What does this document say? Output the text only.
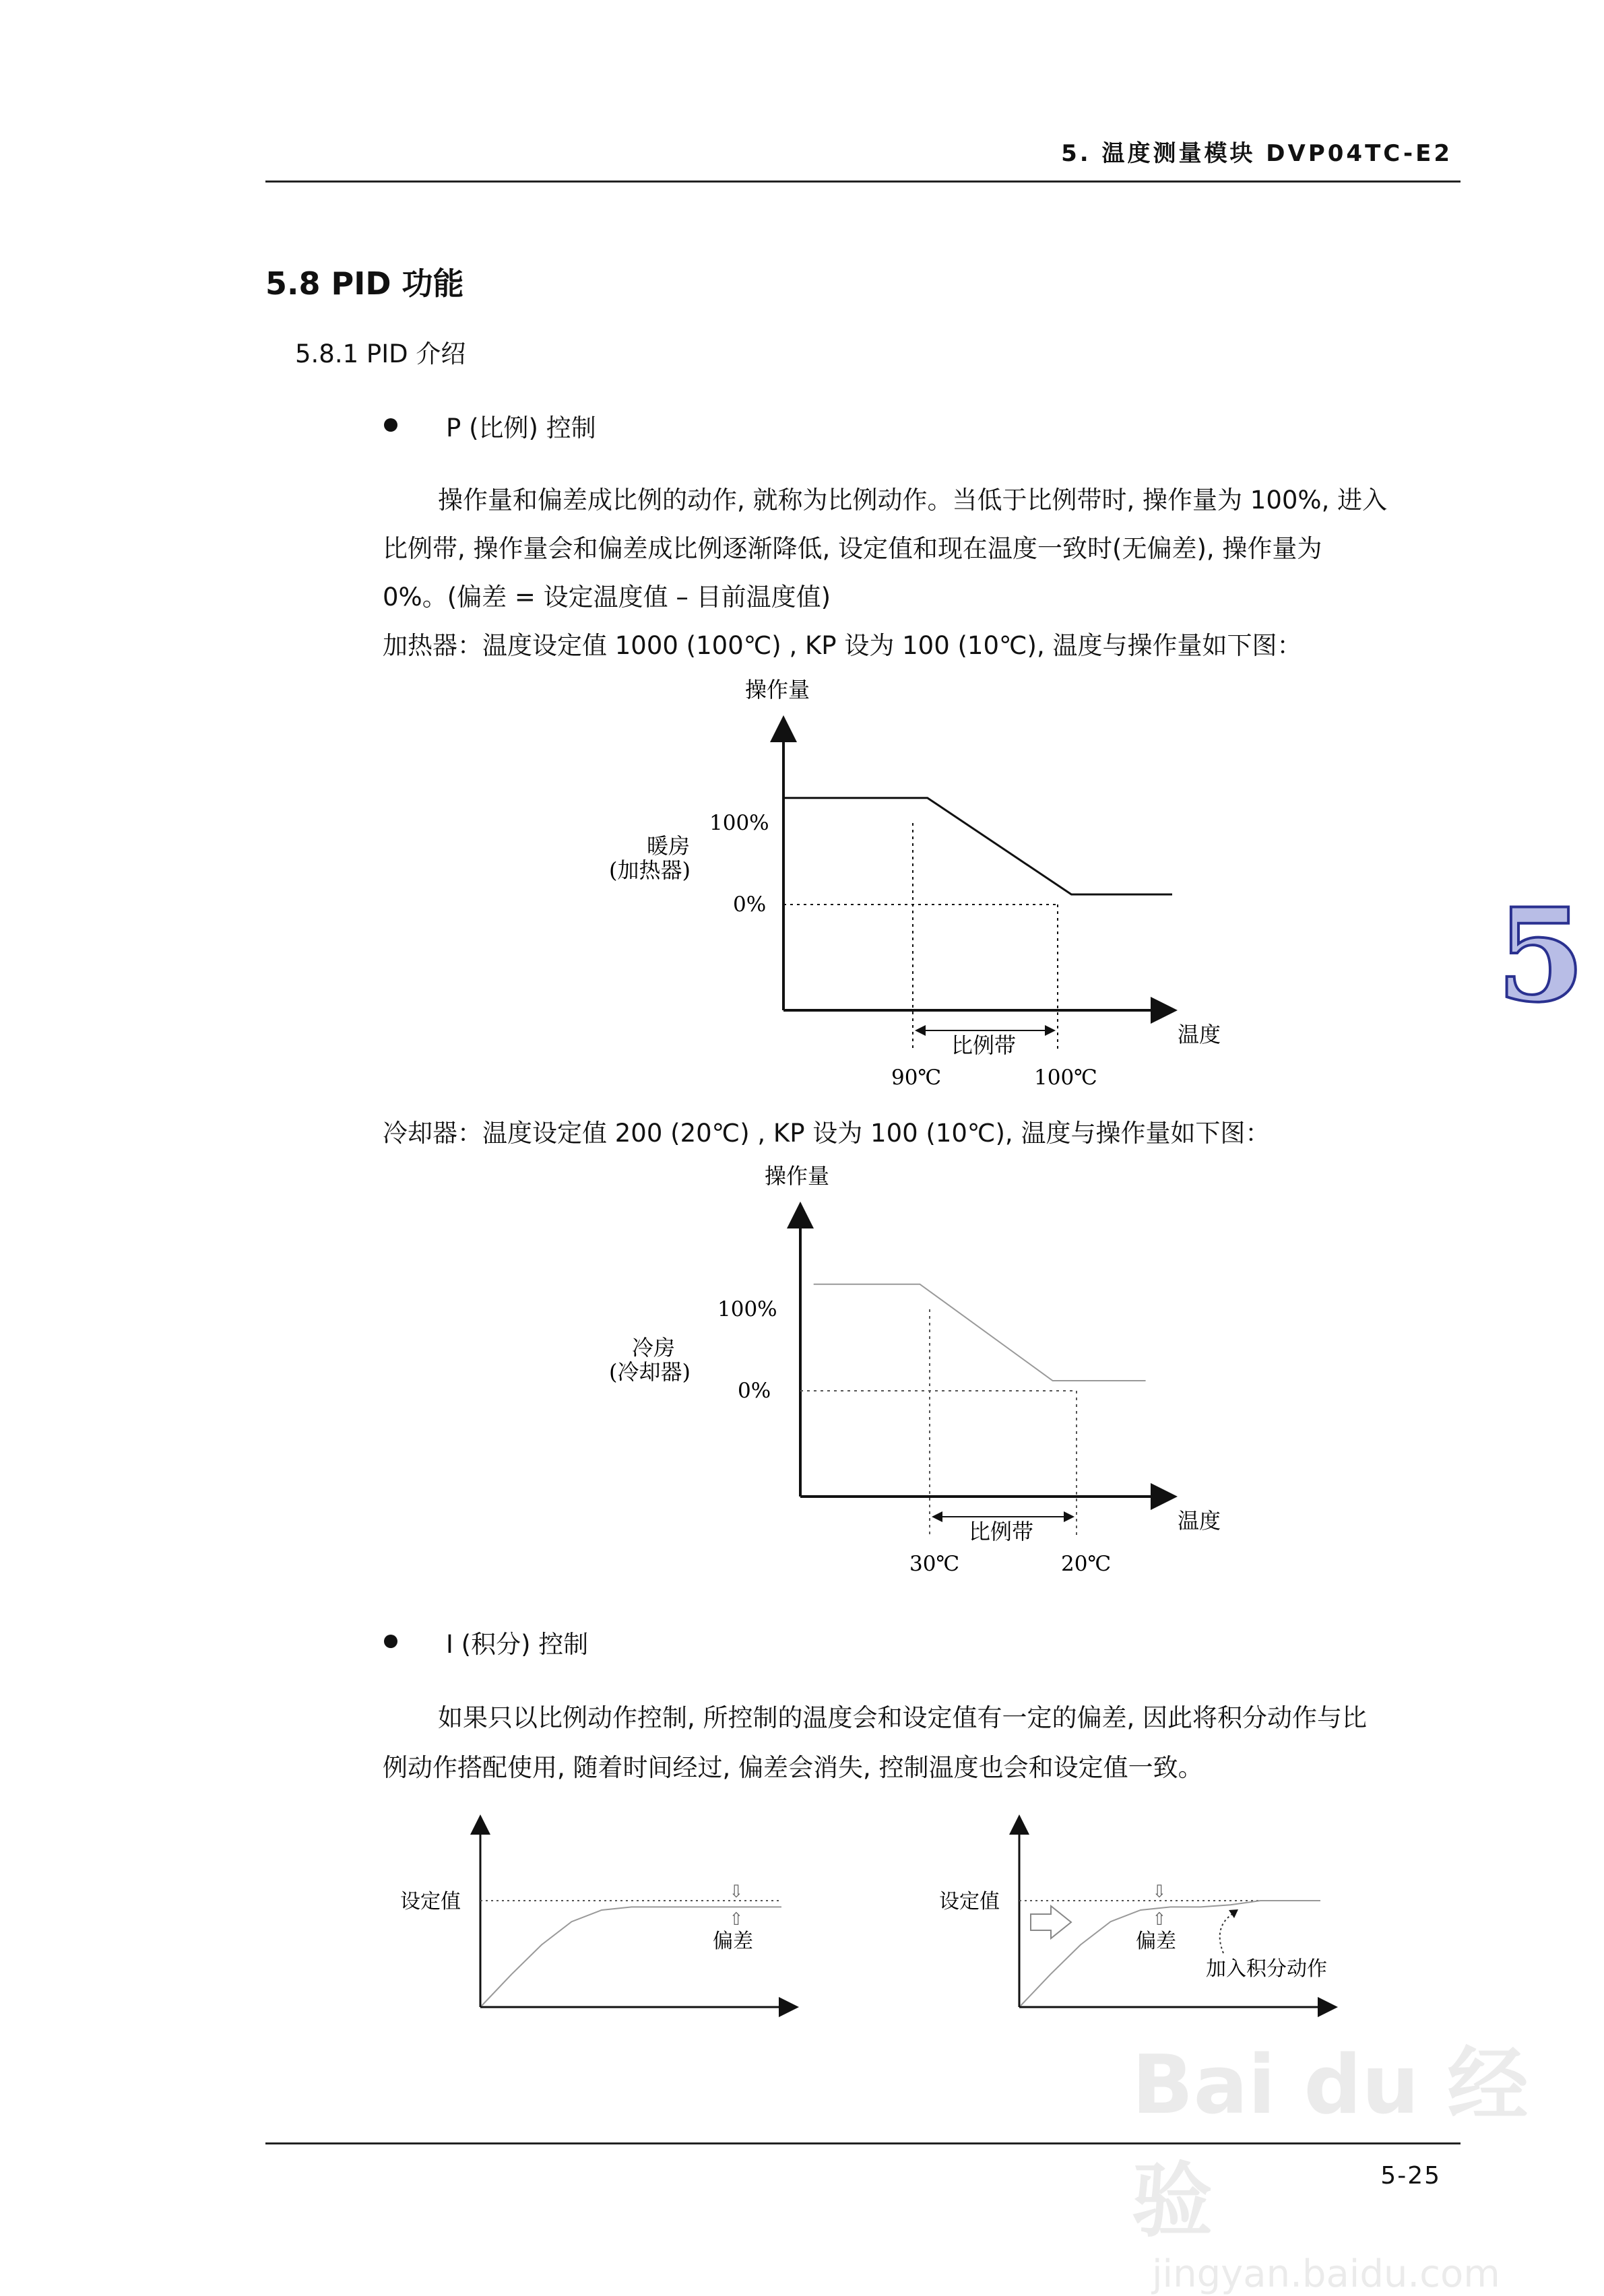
5. 温度测量模块 DVP04TC-E2
5.8 PID 功能
5.8.1 PID 介绍
P (比例) 控制
操作量和偏差成比例的动作, 就称为比例动作。当低于比例带时, 操作量为 100%, 进入
比例带, 操作量会和偏差成比例逐渐降低, 设定值和现在温度一致时(无偏差), 操作量为
0%。(偏差 = 设定温度值 – 目前温度值)
加热器：温度设定值 1000 (100℃) , KP 设为 100 (10℃), 温度与操作量如下图：
操作量
温度
暖房
(加热器)
100%
0%
比例带
90℃	100℃
冷却器：温度设定值 200 (20℃) , KP 设为 100 (10℃), 温度与操作量如下图：
操作量
温度
冷房
(冷却器)
100%
0%
比例带
30℃	20℃
I (积分) 控制
如果只以比例动作控制, 所控制的温度会和设定值有一定的偏差, 因此将积分动作与比
例动作搭配使用, 随着时间经过, 偏差会消失, 控制温度也会和设定值一致。
设定值	⇩
⇧
偏差
设定值	⇩
⇧
偏差
加入积分动作
5
5-25
Bai du 经验
jingyan.baidu.com
